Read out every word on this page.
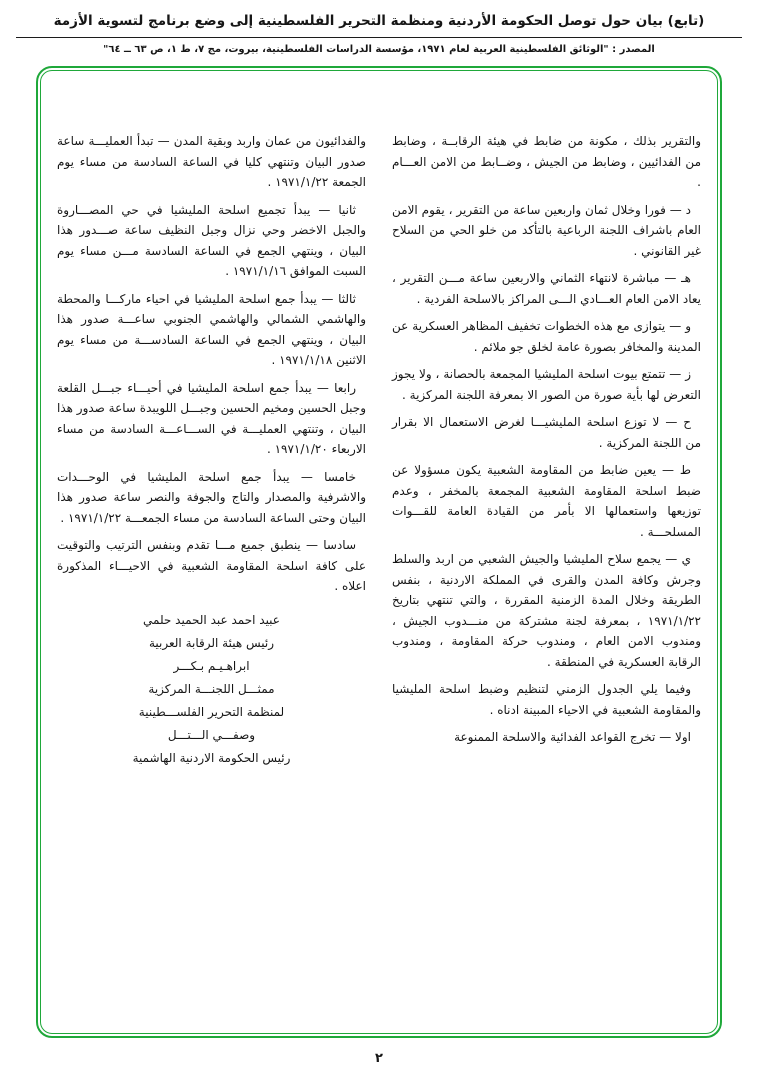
(تابع) بيان حول توصل الحكومة الأردنية ومنظمة التحرير الفلسطينية إلى وضع برنامج لتسوية الأزمة
المصدر : "الوثائق الفلسطينية العربية لعام ١٩٧١، مؤسسة الدراسات الفلسطينية، بيروت، مج ٧، ط ١، ص ٦٣ ــ ٦٤"

والتقرير بذلك ، مكونة من ضابط في هيئة الرقابــة ، وضابط من الفدائيين ، وضابط من الجيش ، وضــابط من الامن العـــام .

د — فورا وخلال ثمان واربعين ساعة من التقرير ، يقوم الامن العام باشراف اللجنة الرباعية بالتأكد من خلو الحي من السلاح غير القانوني .

هـ — مباشرة لانتهاء الثماني والاربعين ساعة مـــن التقرير ، يعاد الامن العام العـــادي الـــى المراكز بالاسلحة الفردية .

و — يتوازى مع هذه الخطوات تخفيف المظاهر العسكرية عن المدينة والمخافر بصورة عامة لخلق جو ملائم .

ز — تتمتع بيوت اسلحة المليشيا المجمعة بالحصانة ، ولا يجوز التعرض لها بأية صورة من الصور الا بمعرفة اللجنة المركزية .

ح — لا توزع اسلحة المليشيـــا لغرض الاستعمال الا بقرار من اللجنة المركزية .

ط — يعين ضابط من المقاومة الشعبية يكون مسؤولا عن ضبط اسلحة المقاومة الشعبية المجمعة بالمخفر ، وعدم توزيعها واستعمالها الا بأمر من القيادة العامة للقـــوات المسلحـــة .

ي — يجمع سلاح المليشيا والجيش الشعبي من اربد والسلط وجرش وكافة المدن والقرى في المملكة الاردنية ، بنفس الطريقة وخلال المدة الزمنية المقررة ، والتي تنتهي بتاريخ ١٩٧١/١/٢٢ ، بمعرفة لجنة مشتركة من منـــدوب الجيش ، ومندوب الامن العام ، ومندوب حركة المقاومة ، ومندوب الرقابة العسكرية في المنطقة .

وفيما يلي الجدول الزمني لتنظيم وضبط اسلحة المليشيا والمقاومة الشعبية في الاحياء المبينة ادناه .

اولا — تخرج القواعد الفدائية والاسلحة الممنوعة

والفدائيون من عمان واربد وبقية المدن — تبدأ العمليـــة ساعة صدور البيان وتنتهي كليا في الساعة السادسة من مساء يوم الجمعة ١٩٧١/١/٢٢ .

ثانيا — يبدأ تجميع اسلحة المليشيا في حي المصـــاروة والجبل الاخضر وحي نزال وجبل النظيف ساعة صـــدور هذا البيان ، وينتهي الجمع في الساعة السادسة مـــن مساء يوم السبت الموافق ١٩٧١/١/١٦ .

ثالثا — يبدأ جمع اسلحة المليشيا في احياء ماركـــا والمحطة والهاشمي الشمالي والهاشمي الجنوبي ساعـــة صدور هذا البيان ، وينتهي الجمع في الساعة السادســـة من مساء يوم الاثنين ١٩٧١/١/١٨ .

رابعا — يبدأ جمع اسلحة المليشيا في أحيـــاء جبـــل القلعة وجبل الحسين ومخيم الحسين وجبـــل اللويبدة ساعة صدور هذا البيان ، وتنتهي العمليـــة في الســـاعـــة السادسة من مساء الاربعاء ١٩٧١/١/٢٠ .

خامسا — يبدأ جمع اسلحة المليشيا في الوحـــدات والاشرفية والمصدار والتاج والجوفة والنصر ساعة صدور هذا البيان وحتى الساعة السادسة من مساء الجمعـــة ١٩٧١/١/٢٢ .

سادسا — ينطبق جميع مـــا تقدم وبنفس الترتيب والتوقيت على كافة اسلحة المقاومة الشعبية في الاحيـــاء المذكورة اعلاه .

عبيد احمد عبد الحميد حلمي

رئيس هيئة الرقابة العربية

ابراهـيـم بـكـــر

ممثـــل اللجنـــة المركزية

لمنظمة التحرير الفلســـطينية

وصفـــي الـــتـــل

رئيس الحكومة الاردنية الهاشمية

٢
